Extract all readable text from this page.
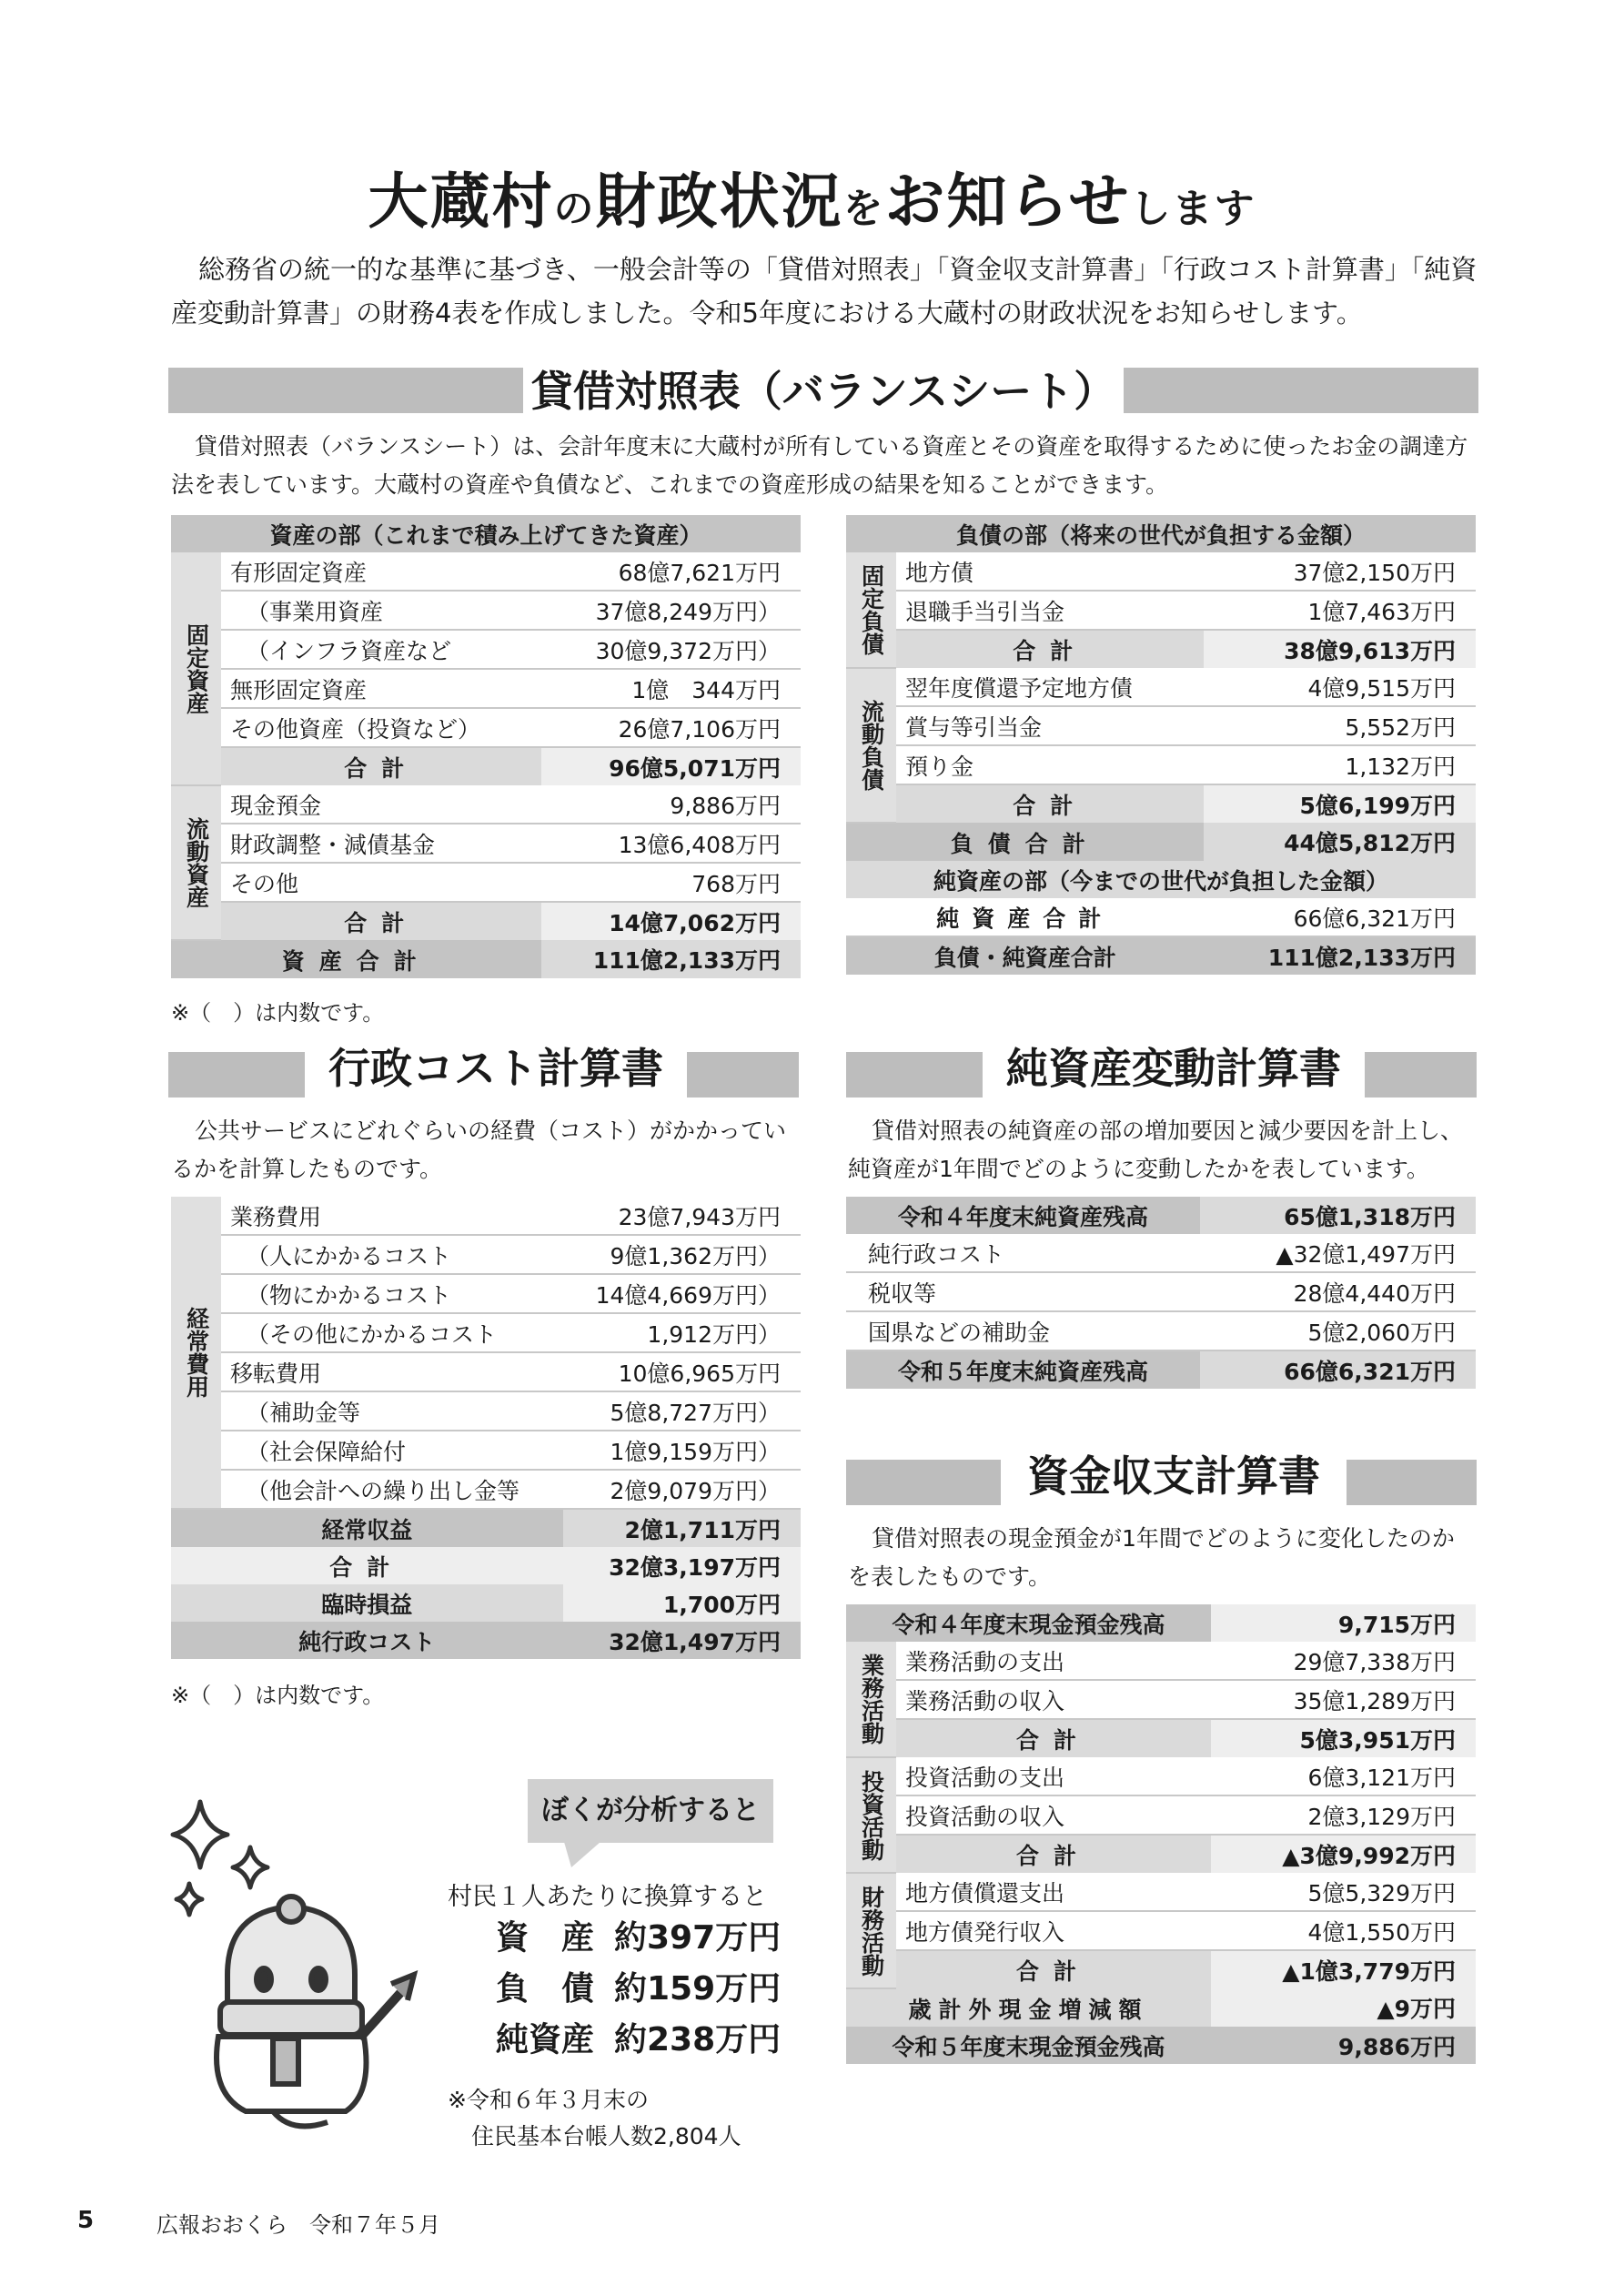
大蔵村の財政状況をお知らせします
総務省の統一的な基準に基づき、一般会計等の「貸借対照表」「資金収支計算書」「行政コスト計算書」「純資産変動計算書」の財務4表を作成しました。令和5年度における大蔵村の財政状況をお知らせします。
貸借対照表（バランスシート）
貸借対照表（バランスシート）は、会計年度末に大蔵村が所有している資産とその資産を取得するために使ったお金の調達方法を表しています。大蔵村の資産や負債など、これまでの資産形成の結果を知ることができます。
資産の部（これまで積み上げてきた資産）		
固定資産	有形固定資産	68億7,621万円
	（事業用資産	37億8,249万円）
	（インフラ資産など	30億9,372万円）
	無形固定資産	1億　344万円
	その他資産（投資など）	26億7,106万円
	合計	96億5,071万円
流動資産	現金預金	9,886万円
	財政調整・減債基金	13億6,408万円
	その他	768万円
	合計	14億7,062万円
資産合計		111億2,133万円
負債の部（将来の世代が負担する金額）		
固定負債	地方債	37億2,150万円
	退職手当引当金	1億7,463万円
	合計	38億9,613万円
流動負債	翌年度償還予定地方債	4億9,515万円
	賞与等引当金	5,552万円
	預り金	1,132万円
	合計	5億6,199万円
負債合計		44億5,812万円
純資産の部（今までの世代が負担した金額）		
純資産合計		66億6,321万円
負債・純資産合計		111億2,133万円
※（　）は内数です。
行政コスト計算書
公共サービスにどれぐらいの経費（コスト）がかかっているかを計算したものです。
経常費用	業務費用	23億7,943万円
	（人にかかるコスト	9億1,362万円）
	（物にかかるコスト	14億4,669万円）
	（その他にかかるコスト	1,912万円）
	移転費用	10億6,965万円
	（補助金等	5億8,727万円）
	（社会保障給付	1億9,159万円）
	（他会計への繰り出し金等	2億9,079万円）
経常収益		2億1,711万円
合計		32億3,197万円
臨時損益		1,700万円
純行政コスト		32億1,497万円
※（　）は内数です。
純資産変動計算書
貸借対照表の純資産の部の増加要因と減少要因を計上し、純資産が1年間でどのように変動したかを表しています。
令和４年度末純資産残高	65億1,318万円
純行政コスト	▲32億1,497万円
税収等	28億4,440万円
国県などの補助金	5億2,060万円
令和５年度末純資産残高	66億6,321万円
資金収支計算書
貸借対照表の現金預金が1年間でどのように変化したのかを表したものです。
令和４年度末現金預金残高		9,715万円
業務活動	業務活動の支出	29億7,338万円
	業務活動の収入	35億1,289万円
	合計	5億3,951万円
投資活動	投資活動の支出	6億3,121万円
	投資活動の収入	2億3,129万円
	合計	▲3億9,992万円
財務活動	地方債償還支出	5億5,329万円
	地方債発行収入	4億1,550万円
	合計	▲1億3,779万円
歳計外現金増減額		▲9万円
令和５年度末現金預金残高		9,886万円
ぼくが分析すると
村民１人あたりに換算すると
資　産 約397万円
負　債 約159万円
純資産 約238万円
※令和６年３月末の
住民基本台帳人数2,804人
5	広報おおくら　令和７年５月
